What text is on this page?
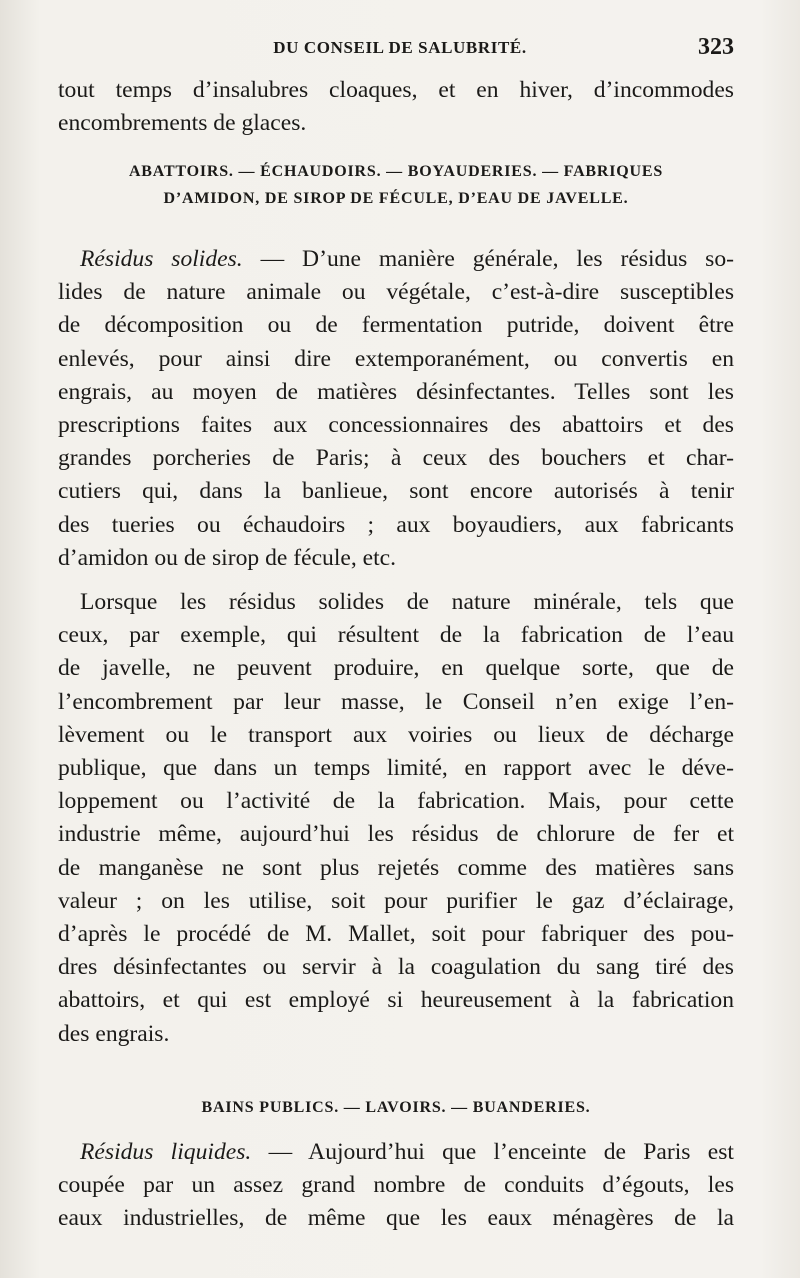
DU CONSEIL DE SALUBRITÉ.	323
tout temps d’insalubres cloaques, et en hiver, d’incommodes
encombrements de glaces.
ABATTOIRS. — ÉCHAUDOIRS. — BOYAUDERIES. — FABRIQUES
D’AMIDON, DE SIROP DE FÉCULE, D’EAU DE JAVELLE.
Résidus solides. — D’une manière générale, les résidus so-
lides de nature animale ou végétale, c’est-à-dire susceptibles
de décomposition ou de fermentation putride, doivent être
enlevés, pour ainsi dire extemporanément, ou convertis en
engrais, au moyen de matières désinfectantes. Telles sont les
prescriptions faites aux concessionnaires des abattoirs et des
grandes porcheries de Paris; à ceux des bouchers et char-
cutiers qui, dans la banlieue, sont encore autorisés à tenir
des tueries ou échaudoirs ; aux boyaudiers, aux fabricants
d’amidon ou de sirop de fécule, etc.
Lorsque les résidus solides de nature minérale, tels que
ceux, par exemple, qui résultent de la fabrication de l’eau
de javelle, ne peuvent produire, en quelque sorte, que de
l’encombrement par leur masse, le Conseil n’en exige l’en-
lèvement ou le transport aux voiries ou lieux de décharge
publique, que dans un temps limité, en rapport avec le déve-
loppement ou l’activité de la fabrication. Mais, pour cette
industrie même, aujourd’hui les résidus de chlorure de fer et
de manganèse ne sont plus rejetés comme des matières sans
valeur ; on les utilise, soit pour purifier le gaz d’éclairage,
d’après le procédé de M. Mallet, soit pour fabriquer des pou-
dres désinfectantes ou servir à la coagulation du sang tiré des
abattoirs, et qui est employé si heureusement à la fabrication
des engrais.
BAINS PUBLICS. — LAVOIRS. — BUANDERIES.
Résidus liquides. — Aujourd’hui que l’enceinte de Paris est
coupée par un assez grand nombre de conduits d’égouts, les
eaux industrielles, de même que les eaux ménagères de la
